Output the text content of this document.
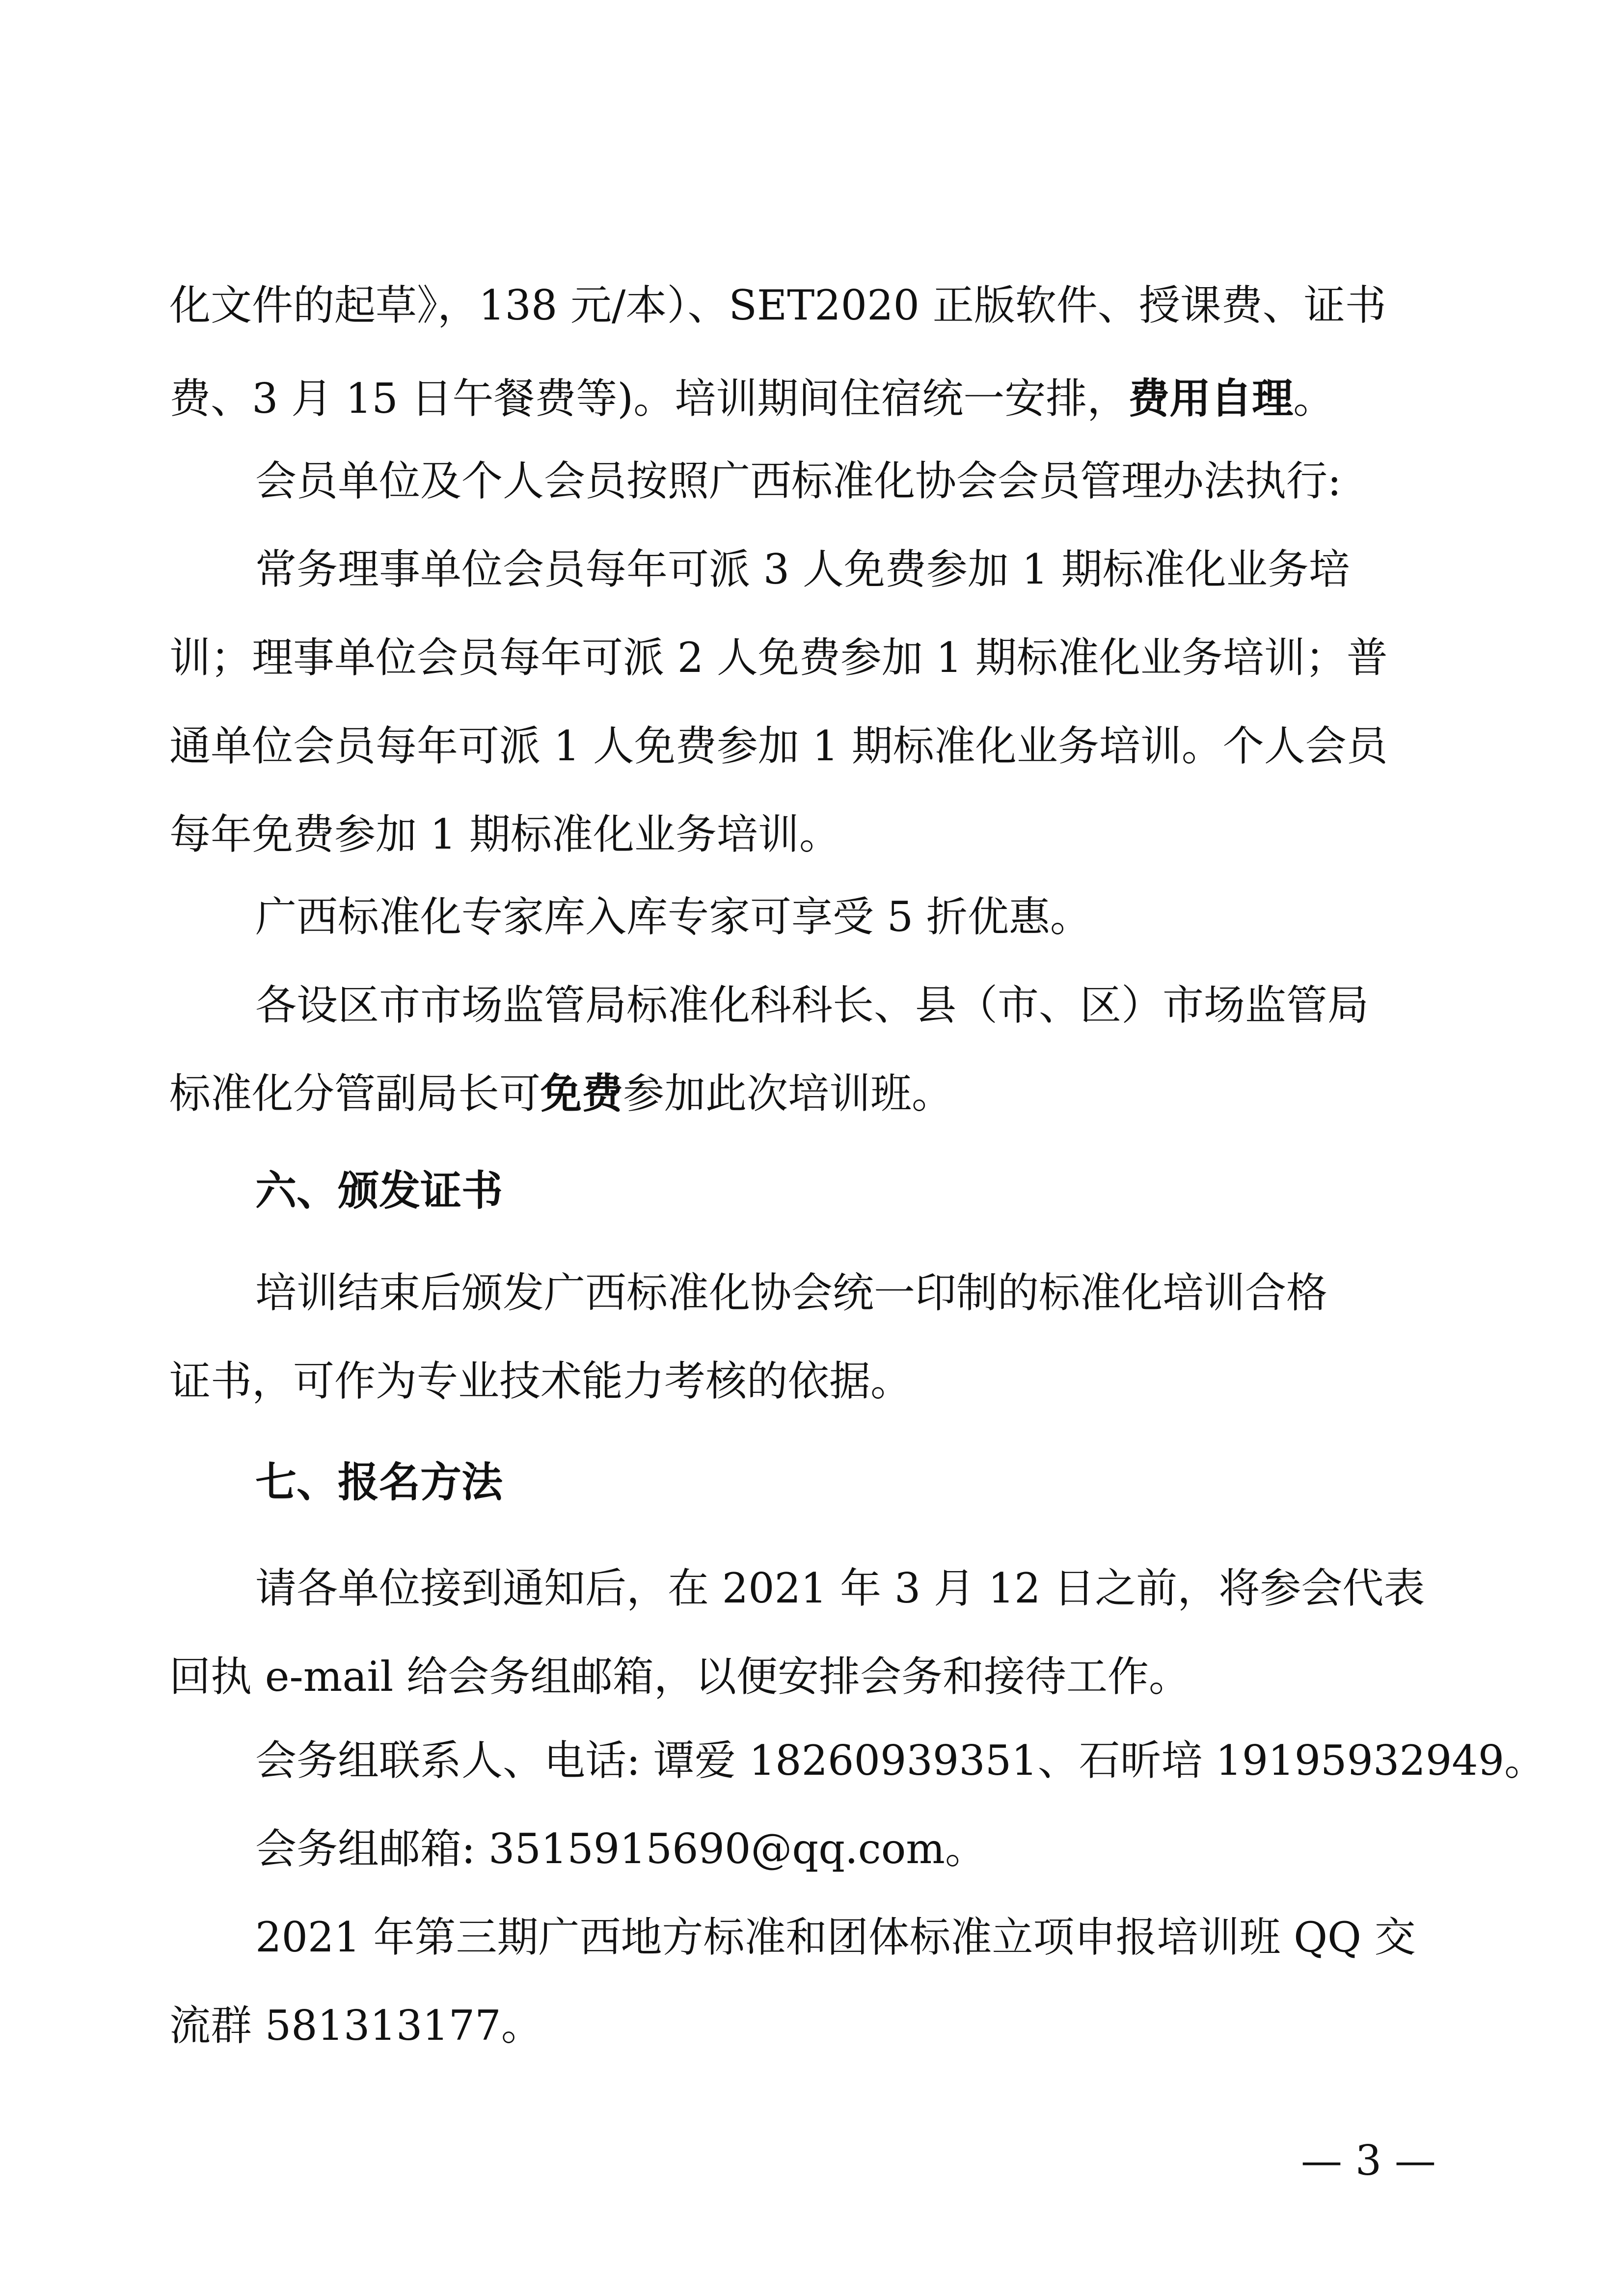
化文件的起草》，138 元/本）、SET2020 正版软件、授课费、证书
费、3 月 15 日午餐费等)。培训期间住宿统一安排，费用自理。
会员单位及个人会员按照广西标准化协会会员管理办法执行:
常务理事单位会员每年可派 3 人免费参加 1 期标准化业务培
训；理事单位会员每年可派 2 人免费参加 1 期标准化业务培训；普
通单位会员每年可派 1 人免费参加 1 期标准化业务培训。个人会员
每年免费参加 1 期标准化业务培训。
广西标准化专家库入库专家可享受 5 折优惠。
各设区市市场监管局标准化科科长、县（市、区）市场监管局
标准化分管副局长可免费参加此次培训班。
六、颁发证书
培训结束后颁发广西标准化协会统一印制的标准化培训合格
证书，可作为专业技术能力考核的依据。
七、报名方法
请各单位接到通知后，在 2021 年 3 月 12 日之前，将参会代表
回执 e-mail 给会务组邮箱，以便安排会务和接待工作。
会务组联系人、电话: 谭爱 18260939351、石昕培 19195932949。
会务组邮箱: 3515915690@qq.com。
2021 年第三期广西地方标准和团体标准立项申报培训班 QQ 交
流群 581313177。
— 3 —
